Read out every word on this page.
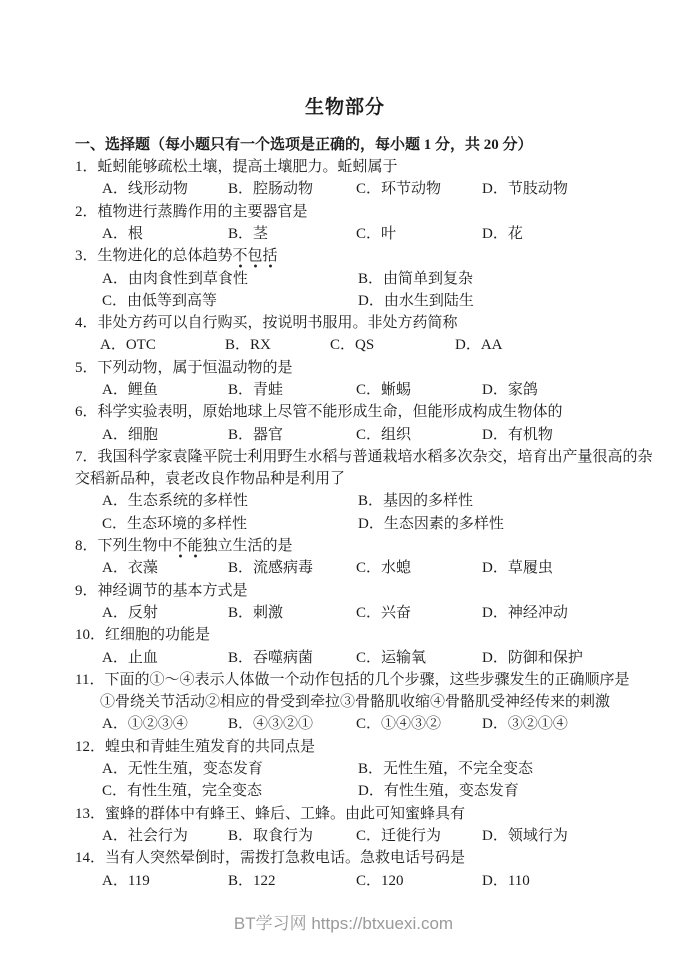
生物部分
一、选择题（每小题只有一个选项是正确的，每小题 1 分，共 20 分）
1．蚯蚓能够疏松土壤，提高土壤肥力。蚯蚓属于
A．线形动物	B．腔肠动物	C．环节动物	D．节肢动物
2．植物进行蒸腾作用的主要器官是
A．根	B．茎	C．叶	D．花
3．生物进化的总体趋势不包括
A．由肉食性到草食性	B．由简单到复杂
C．由低等到高等	D．由水生到陆生
4．非处方药可以自行购买，按说明书服用。非处方药简称
A．OTC	B．RX	C．QS	D．AA
5．下列动物，属于恒温动物的是
A．鲤鱼	B．青蛙	C．蜥蜴	D．家鸽
6．科学实验表明，原始地球上尽管不能形成生命，但能形成构成生物体的
A．细胞	B．器官	C．组织	D．有机物
7．我国科学家袁隆平院士利用野生水稻与普通栽培水稻多次杂交，培育出产量很高的杂
交稻新品种，袁老改良作物品种是利用了
A．生态系统的多样性	B．基因的多样性
C．生态环境的多样性	D．生态因素的多样性
8．下列生物中不能独立生活的是
A．衣藻	B．流感病毒	C．水螅	D．草履虫
9．神经调节的基本方式是
A．反射	B．刺激	C．兴奋	D．神经冲动
10．红细胞的功能是
A．止血	B．吞噬病菌	C．运输氧	D．防御和保护
11．下面的①～④表示人体做一个动作包括的几个步骤，这些步骤发生的正确顺序是
①骨绕关节活动②相应的骨受到牵拉③骨骼肌收缩④骨骼肌受神经传来的刺激
A．①②③④	B．④③②①	C．①④③②	D．③②①④
12．蝗虫和青蛙生殖发育的共同点是
A．无性生殖，变态发育	B．无性生殖，不完全变态
C．有性生殖，完全变态	D．有性生殖，变态发育
13．蜜蜂的群体中有蜂王、蜂后、工蜂。由此可知蜜蜂具有
A．社会行为	B．取食行为	C．迁徙行为	D．领域行为
14．当有人突然晕倒时，需拨打急救电话。急救电话号码是
A．119	B．122	C．120	D．110
BT学习网 https://btxuexi.com
